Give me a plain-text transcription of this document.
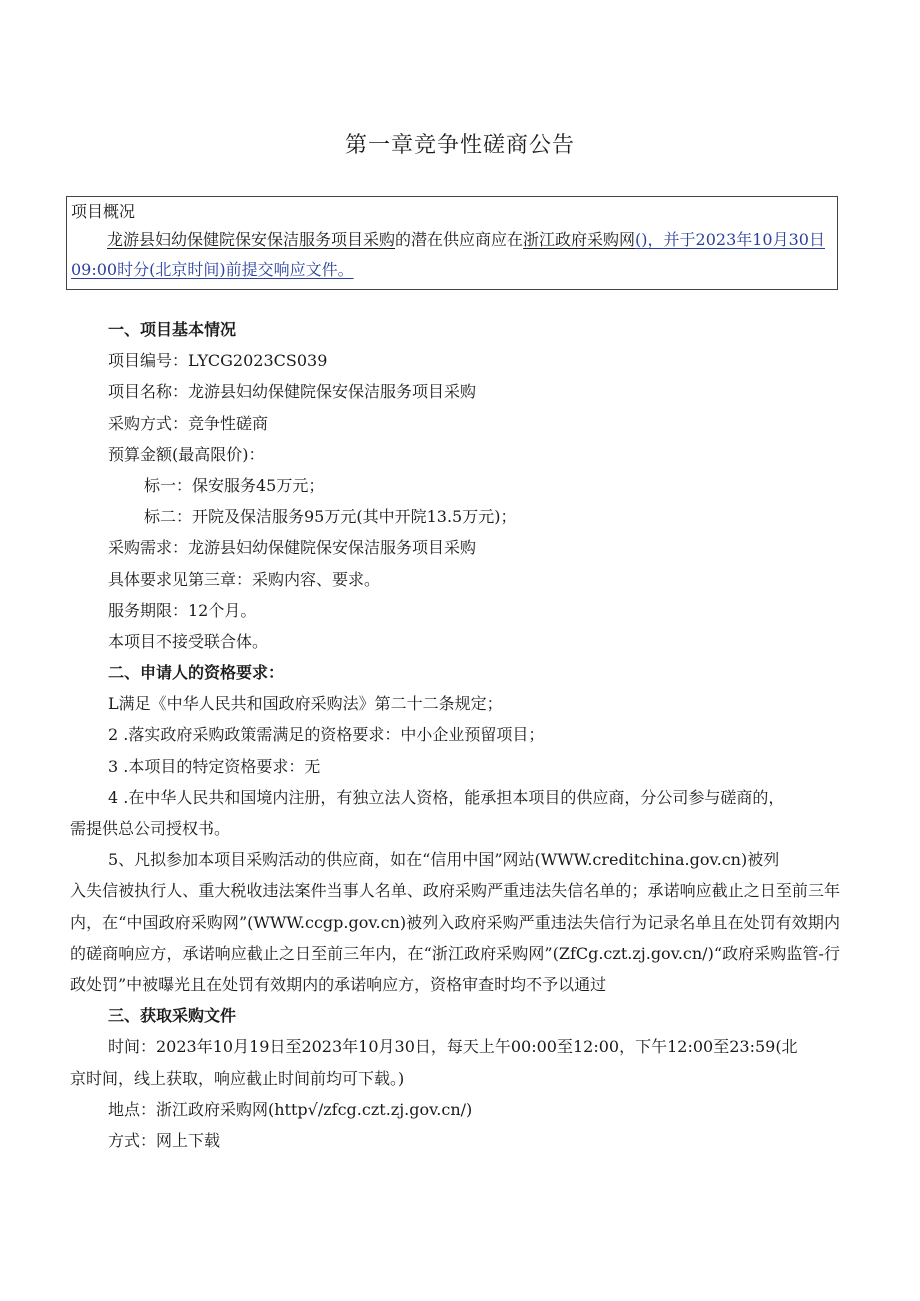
第一章竞争性磋商公告
项目概况
龙游县妇幼保健院保安保洁服务项目采购的潜在供应商应在浙江政府采购网()，并于2023年10月30日09:00时分(北京时间)前提交响应文件。
一、项目基本情况
项目编号：LYCG2023CS039
项目名称：龙游县妇幼保健院保安保洁服务项目采购
采购方式：竞争性磋商
预算金额(最高限价)：
标一：保安服务45万元；
标二：开院及保洁服务95万元(其中开院13.5万元)；
采购需求：龙游县妇幼保健院保安保洁服务项目采购
具体要求见第三章：采购内容、要求。
服务期限：12个月。
本项目不接受联合体。
二、申请人的资格要求：
L满足《中华人民共和国政府采购法》第二十二条规定；
2 .落实政府采购政策需满足的资格要求：中小企业预留项目；
3 .本项目的特定资格要求：无
4 .在中华人民共和国境内注册，有独立法人资格，能承担本项目的供应商，分公司参与磋商的，
需提供总公司授权书。
5、凡拟参加本项目采购活动的供应商，如在“信用中国”网站(WWW.creditchina.gov.cn)被列
入失信被执行人、重大税收违法案件当事人名单、政府采购严重违法失信名单的；承诺响应截止之日至前三年内，在“中国政府采购网”(WWW.ccgp.gov.cn)被列入政府采购严重违法失信行为记录名单且在处罚有效期内的磋商响应方，承诺响应截止之日至前三年内，在“浙江政府采购网”(ZfCg.czt.zj.gov.cn/)“政府采购监管-行政处罚”中被曝光且在处罚有效期内的承诺响应方，资格审查时均不予以通过
三、获取采购文件
时间：2023年10月19日至2023年10月30日，每天上午00:00至12:00，下午12:00至23:59(北
京时间，线上获取，响应截止时间前均可下载。)
地点：浙江政府采购网(http√/zfcg.czt.zj.gov.cn/)
方式：网上下载
